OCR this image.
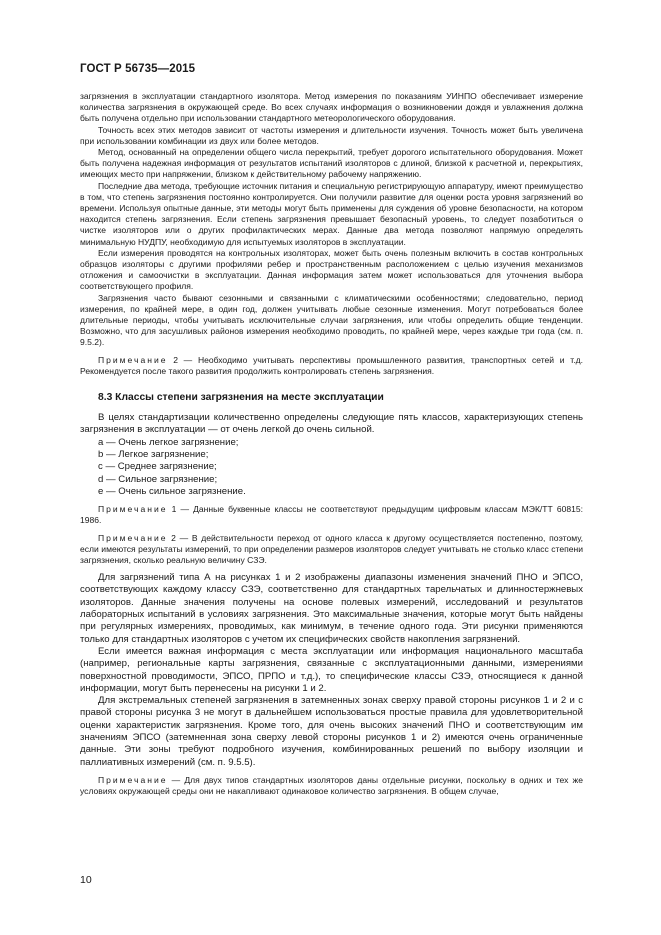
ГОСТ Р 56735—2015

загрязнения в эксплуатации стандартного изолятора. Метод измерения по показаниям УИНПО обеспечивает измерение количества загрязнения в окружающей среде. Во всех случаях информация о возникновении дождя и увлажнения должна быть получена отдельно при использовании стандартного метеорологического оборудования.

Точность всех этих методов зависит от частоты измерения и длительности изучения. Точность может быть увеличена при использовании комбинации из двух или более методов.

Метод, основанный на определении общего числа перекрытий, требует дорогого испытательного оборудования. Может быть получена надежная информация от результатов испытаний изоляторов с длиной, близкой к расчетной и, перекрытиях, имеющих место при напряжении, близком к действительному рабочему напряжению.

Последние два метода, требующие источник питания и специальную регистрирующую аппаратуру, имеют преимущество в том, что степень загрязнения постоянно контролируется. Они получили развитие для оценки роста уровня загрязнений во времени. Используя опытные данные, эти методы могут быть применены для суждения об уровне безопасности, на котором находится степень загрязнения. Если степень загрязнения превышает безопасный уровень, то следует позаботиться о чистке изоляторов или о других профилактических мерах. Данные два метода позволяют напрямую определять минимальную НУДПУ, необходимую для испытуемых изоляторов в эксплуатации.

Если измерения проводятся на контрольных изоляторах, может быть очень полезным включить в состав контрольных образцов изоляторы с другими профилями ребер и пространственным расположением с целью изучения механизмов отложения и самоочистки в эксплуатации. Данная информация затем может использоваться для уточнения выбора соответствующего профиля.

Загрязнения часто бывают сезонными и связанными с климатическими особенностями; следовательно, период измерения, по крайней мере, в один год, должен учитывать любые сезонные изменения. Могут потребоваться более длительные периоды, чтобы учитывать исключительные случаи загрязнения, или чтобы определить общие тенденции. Возможно, что для засушливых районов измерения необходимо проводить, по крайней мере, через каждые три года (см. п. 9.5.2).

Примечание 2 — Необходимо учитывать перспективы промышленного развития, транспортных сетей и т.д. Рекомендуется после такого развития продолжить контролировать степень загрязнения.

8.3 Классы степени загрязнения на месте эксплуатации

В целях стандартизации количественно определены следующие пять классов, характеризующих степень загрязнения в эксплуатации — от очень легкой до очень сильной.

a — Очень легкое загрязнение;
b — Легкое загрязнение;
c — Среднее загрязнение;
d — Сильное загрязнение;
e — Очень сильное загрязнение.

Примечание 1 — Данные буквенные классы не соответствуют предыдущим цифровым классам МЭК/ТТ 60815: 1986.

Примечание 2 — В действительности переход от одного класса к другому осуществляется постепенно, поэтому, если имеются результаты измерений, то при определении размеров изоляторов следует учитывать не столько класс степени загрязнения, сколько реальную величину СЗЭ.

Для загрязнений типа А на рисунках 1 и 2 изображены диапазоны изменения значений ПНО и ЭПСО, соответствующих каждому классу СЗЭ, соответственно для стандартных тарельчатых и длинностержневых изоляторов. Данные значения получены на основе полевых измерений, исследований и результатов лабораторных испытаний в условиях загрязнения. Это максимальные значения, которые могут быть найдены при регулярных измерениях, проводимых, как минимум, в течение одного года. Эти рисунки применяются только для стандартных изоляторов с учетом их специфических свойств накопления загрязнений.

Если имеется важная информация с места эксплуатации или информация национального масштаба (например, региональные карты загрязнения, связанные с эксплуатационными данными, измерениями поверхностной проводимости, ЭПСО, ПРПО и т.д.), то специфические классы СЗЭ, относящиеся к данной информации, могут быть перенесены на рисунки 1 и 2.

Для экстремальных степеней загрязнения в затемненных зонах сверху правой стороны рисунков 1 и 2 и с правой стороны рисунка 3 не могут в дальнейшем использоваться простые правила для удовлетворительной оценки характеристик загрязнения. Кроме того, для очень высоких значений ПНО и соответствующим им значениям ЭПСО (затемненная зона сверху левой стороны рисунков 1 и 2) имеются очень ограниченные данные. Эти зоны требуют подробного изучения, комбинированных решений по выбору изоляции и паллиативных измерений (см. п. 9.5.5).

Примечание — Для двух типов стандартных изоляторов даны отдельные рисунки, поскольку в одних и тех же условиях окружающей среды они не накапливают одинаковое количество загрязнения. В общем случае,

10
